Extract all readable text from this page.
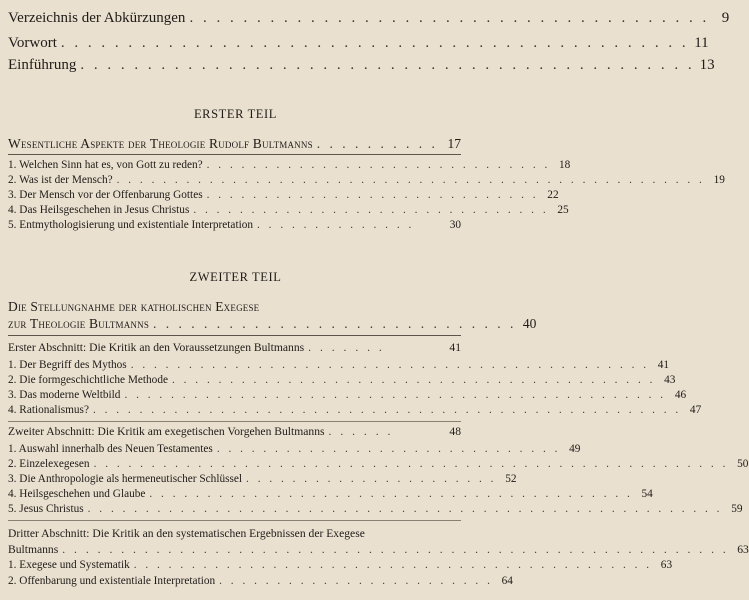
Verzeichnis der Abkürzungen . . . . . . . . . . . . . . . . . . . . . . . . . . . . . . . . . . . . . . . 9
Vorwort . . . . . . . . . . . . . . . . . . . . . . . . . . . . . . . . . . . . . . . . . . . . . . . 11
Einführung . . . . . . . . . . . . . . . . . . . . . . . . . . . . . . . . . . . . . . . . . . . . . . 13
ERSTER TEIL
Wesentliche Aspekte der Theologie Rudolf Bultmanns . . . . . . . . . . 17
1. Welchen Sinn hat es, von Gott zu reden? . . . . . . . . . . . . . . . . . . . . . . . . . . . . . . 18
2. Was ist der Mensch? . . . . . . . . . . . . . . . . . . . . . . . . . . . . . . . . . . . . . . . . . . . . . . . . . . . 19
3. Der Mensch vor der Offenbarung Gottes . . . . . . . . . . . . . . . . . . . . . . . . . . . . . 22
4. Das Heilsgeschehen in Jesus Christus . . . . . . . . . . . . . . . . . . . . . . . . . . . . . . . 25
5. Entmythologisierung und existentiale Interpretation . . . . . . . . . . . . . .	30
ZWEITER TEIL
Die Stellungnahme der katholischen Exegese
zur Theologie Bultmanns . . . . . . . . . . . . . . . . . . . . . . . . . . . . . 40
Erster Abschnitt: Die Kritik an den Voraussetzungen Bultmanns . . . . . . .	41
1. Der Begriff des Mythos . . . . . . . . . . . . . . . . . . . . . . . . . . . . . . . . . . . . . . . . . . . . . 41
2. Die formgeschichtliche Methode . . . . . . . . . . . . . . . . . . . . . . . . . . . . . . . . . . . . . . . . . . 43
3. Das moderne Weltbild . . . . . . . . . . . . . . . . . . . . . . . . . . . . . . . . . . . . . . . . . . . . . . . 46
4. Rationalismus? . . . . . . . . . . . . . . . . . . . . . . . . . . . . . . . . . . . . . . . . . . . . . . . . . . . 47
Zweiter Abschnitt: Die Kritik am exegetischen Vorgehen Bultmanns . . . . . .	48
1. Auswahl innerhalb des Neuen Testamentes . . . . . . . . . . . . . . . . . . . . . . . . . . . . . . 49
2. Einzelexegesen . . . . . . . . . . . . . . . . . . . . . . . . . . . . . . . . . . . . . . . . . . . . . . . . . . . . . . . 50
3. Die Anthropologie als hermeneutischer Schlüssel . . . . . . . . . . . . . . . . . . . . . . 52
4. Heilsgeschehen und Glaube . . . . . . . . . . . . . . . . . . . . . . . . . . . . . . . . . . . . . . . . . . 54
5. Jesus Christus . . . . . . . . . . . . . . . . . . . . . . . . . . . . . . . . . . . . . . . . . . . . . . . . . . . . . . . 59
Dritter Abschnitt: Die Kritik an den systematischen Ergebnissen der Exegese
Bultmanns . . . . . . . . . . . . . . . . . . . . . . . . . . . . . . . . . . . . . . . . . . . . . . . . . . . . . . . . . 63
1. Exegese und Systematik . . . . . . . . . . . . . . . . . . . . . . . . . . . . . . . . . . . . . . . . . . . . . 63
2. Offenbarung und existentiale Interpretation . . . . . . . . . . . . . . . . . . . . . . . . 64
